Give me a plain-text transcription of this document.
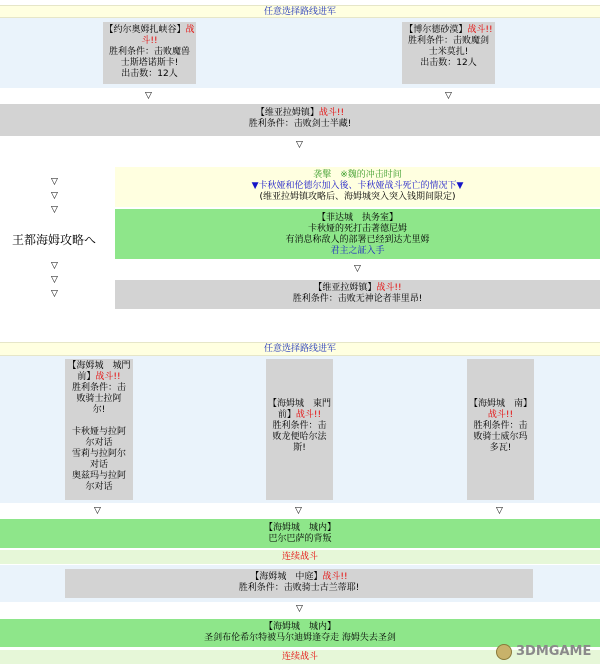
任意选择路线进军
【约尔奥姆扎峡谷】战斗!!
胜利条件：击败魔兽
士斯塔诺斯卡!
出击数：12人
【博尔德砂漠】战斗!!
胜利条件：击败魔剑
士米莫扎!
出击数：12人
▽	▽
【维亚拉姆镇】战斗!!
胜利条件：击败剑士半藏!
▽
▽
▽
▽
王都海姆攻略へ
▽
▽
▽
袭撃　※魏的冲击时间
▼卡秋娅和伦德尔加入後、卡秋娅战斗死亡的情况下▼
(维亚拉姆镇攻略后、海姆城突入突入钱期间限定)
【菲达城　执务室】
卡秋娅的死打击著德尼姆
有消息称敌人的部署已经到达尤里姆
君主之証入手
▽
【维亚拉姆镇】战斗!!
胜利条件：击败无神论者菲里昂!
任意选择路线进军
【海姆城　城門前】战斗!!
胜利条件：击
败骑士拉阿
尔!
卡秋娅与拉阿
尔对话
雪莉与拉阿尔
对话
奥兹玛与拉阿
尔对话
【海姆城　東門前】战斗!!
胜利条件：击
败龙便哈尔法
斯!
【海姆城　南】战斗!!
胜利条件：击
败骑士威尔玛
多瓦!
▽	▽	▽
【海姆城　城内】
巴尔巴萨的背叛
连续战斗
【海姆城　中庭】战斗!!
胜利条件：击败骑士古兰蒂耶!
▽
【海姆城　城内】
圣剑布伦希尔特被马尔迪姆逢夺走 海姆失去圣剑
连续战斗	3DMGAME
